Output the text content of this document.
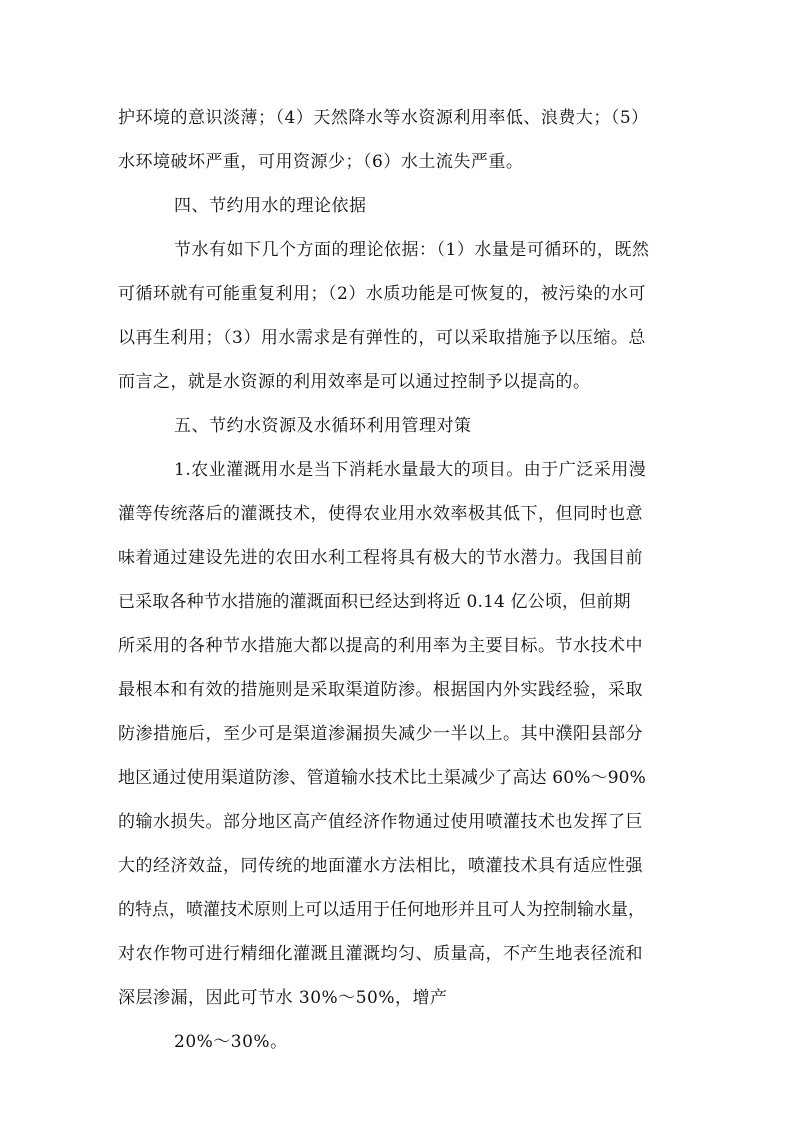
护环境的意识淡薄；（4）天然降水等水资源利用率低、浪费大；（5）
水环境破坏严重，可用资源少；（6）水土流失严重。
四、节约用水的理论依据
节水有如下几个方面的理论依据：（1）水量是可循环的，既然
可循环就有可能重复利用；（2）水质功能是可恢复的，被污染的水可
以再生利用；（3）用水需求是有弹性的，可以采取措施予以压缩。总
而言之，就是水资源的利用效率是可以通过控制予以提高的。
五、节约水资源及水循环利用管理对策
1.农业灌溉用水是当下消耗水量最大的项目。由于广泛采用漫
灌等传统落后的灌溉技术，使得农业用水效率极其低下，但同时也意
味着通过建设先进的农田水利工程将具有极大的节水潜力。我国目前
已采取各种节水措施的灌溉面积已经达到将近 0.14 亿公顷，但前期
所采用的各种节水措施大都以提高的利用率为主要目标。节水技术中
最根本和有效的措施则是采取渠道防渗。根据国内外实践经验，采取
防渗措施后，至少可是渠道渗漏损失减少一半以上。其中濮阳县部分
地区通过使用渠道防渗、管道输水技术比土渠减少了高达 60%～90%
的输水损失。部分地区高产值经济作物通过使用喷灌技术也发挥了巨
大的经济效益，同传统的地面灌水方法相比，喷灌技术具有适应性强
的特点，喷灌技术原则上可以适用于任何地形并且可人为控制输水量，
对农作物可进行精细化灌溉且灌溉均匀、质量高，不产生地表径流和
深层渗漏，因此可节水 30%～50%，增产
20%～30%。
